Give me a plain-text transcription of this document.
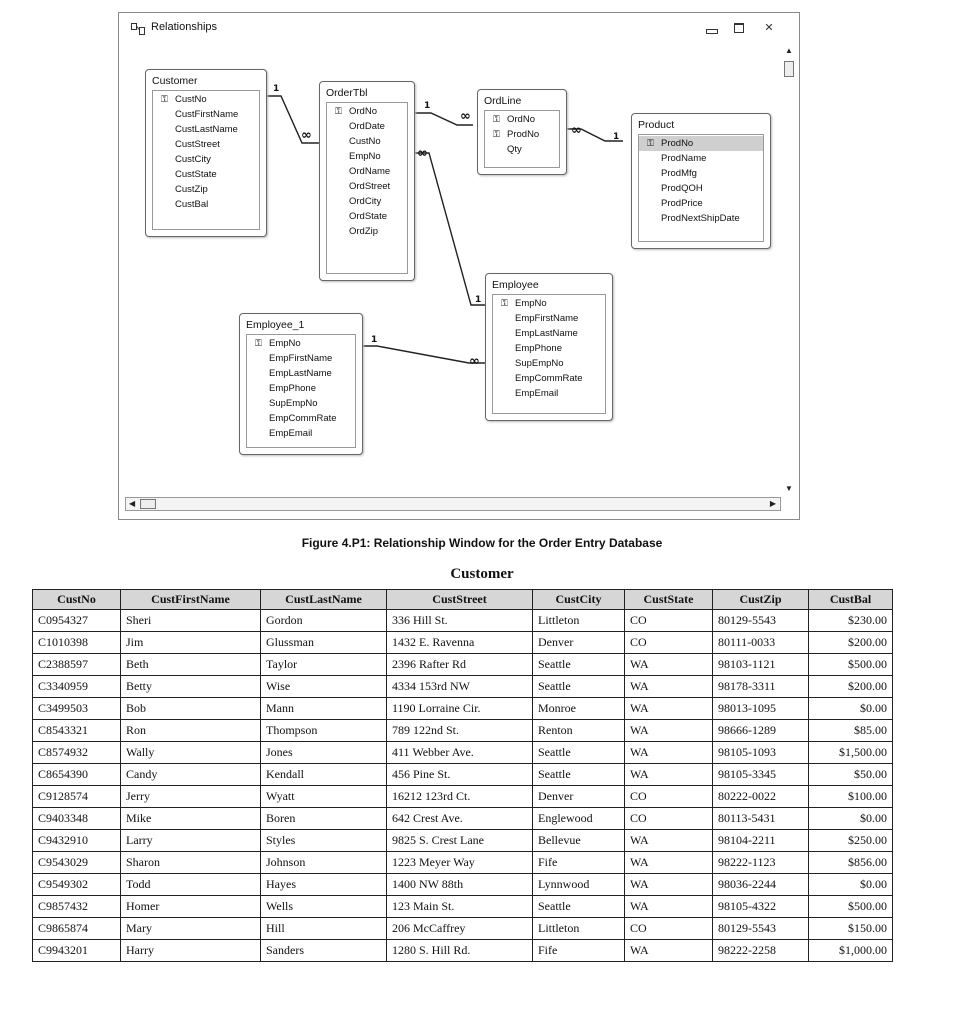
Relationships	✕
1
∞
1
∞
∞	1
∞
1
1
∞
Customer
⚿ CustNo
CustFirstName
CustLastName
CustStreet
CustCity
CustState
CustZip
CustBal
OrderTbl
⚿ OrdNo
OrdDate
CustNo
EmpNo
OrdName
OrdStreet
OrdCity
OrdState
OrdZip
OrdLine
⚿ OrdNo
⚿ ProdNo
Qty
Product
⚿ ProdNo
ProdName
ProdMfg
ProdQOH
ProdPrice
ProdNextShipDate
Employee
⚿ EmpNo
EmpFirstName
EmpLastName
EmpPhone
SupEmpNo
EmpCommRate
EmpEmail
Employee_1
⚿ EmpNo
EmpFirstName
EmpLastName
EmpPhone
SupEmpNo
EmpCommRate
EmpEmail
▲
▼
◀	▶
Figure 4.P1: Relationship Window for the Order Entry Database
Customer
CustNo	CustFirstName	CustLastName	CustStreet	CustCity	CustState	CustZip	CustBal
C0954327	Sheri	Gordon	336 Hill St.	Littleton	CO	80129-5543	$230.00
C1010398	Jim	Glussman	1432 E. Ravenna	Denver	CO	80111-0033	$200.00
C2388597	Beth	Taylor	2396 Rafter Rd	Seattle	WA	98103-1121	$500.00
C3340959	Betty	Wise	4334 153rd NW	Seattle	WA	98178-3311	$200.00
C3499503	Bob	Mann	1190 Lorraine Cir.	Monroe	WA	98013-1095	$0.00
C8543321	Ron	Thompson	789 122nd St.	Renton	WA	98666-1289	$85.00
C8574932	Wally	Jones	411 Webber Ave.	Seattle	WA	98105-1093	$1,500.00
C8654390	Candy	Kendall	456 Pine St.	Seattle	WA	98105-3345	$50.00
C9128574	Jerry	Wyatt	16212 123rd Ct.	Denver	CO	80222-0022	$100.00
C9403348	Mike	Boren	642 Crest Ave.	Englewood	CO	80113-5431	$0.00
C9432910	Larry	Styles	9825 S. Crest Lane	Bellevue	WA	98104-2211	$250.00
C9543029	Sharon	Johnson	1223 Meyer Way	Fife	WA	98222-1123	$856.00
C9549302	Todd	Hayes	1400 NW 88th	Lynnwood	WA	98036-2244	$0.00
C9857432	Homer	Wells	123 Main St.	Seattle	WA	98105-4322	$500.00
C9865874	Mary	Hill	206 McCaffrey	Littleton	CO	80129-5543	$150.00
C9943201	Harry	Sanders	1280 S. Hill Rd.	Fife	WA	98222-2258	$1,000.00
